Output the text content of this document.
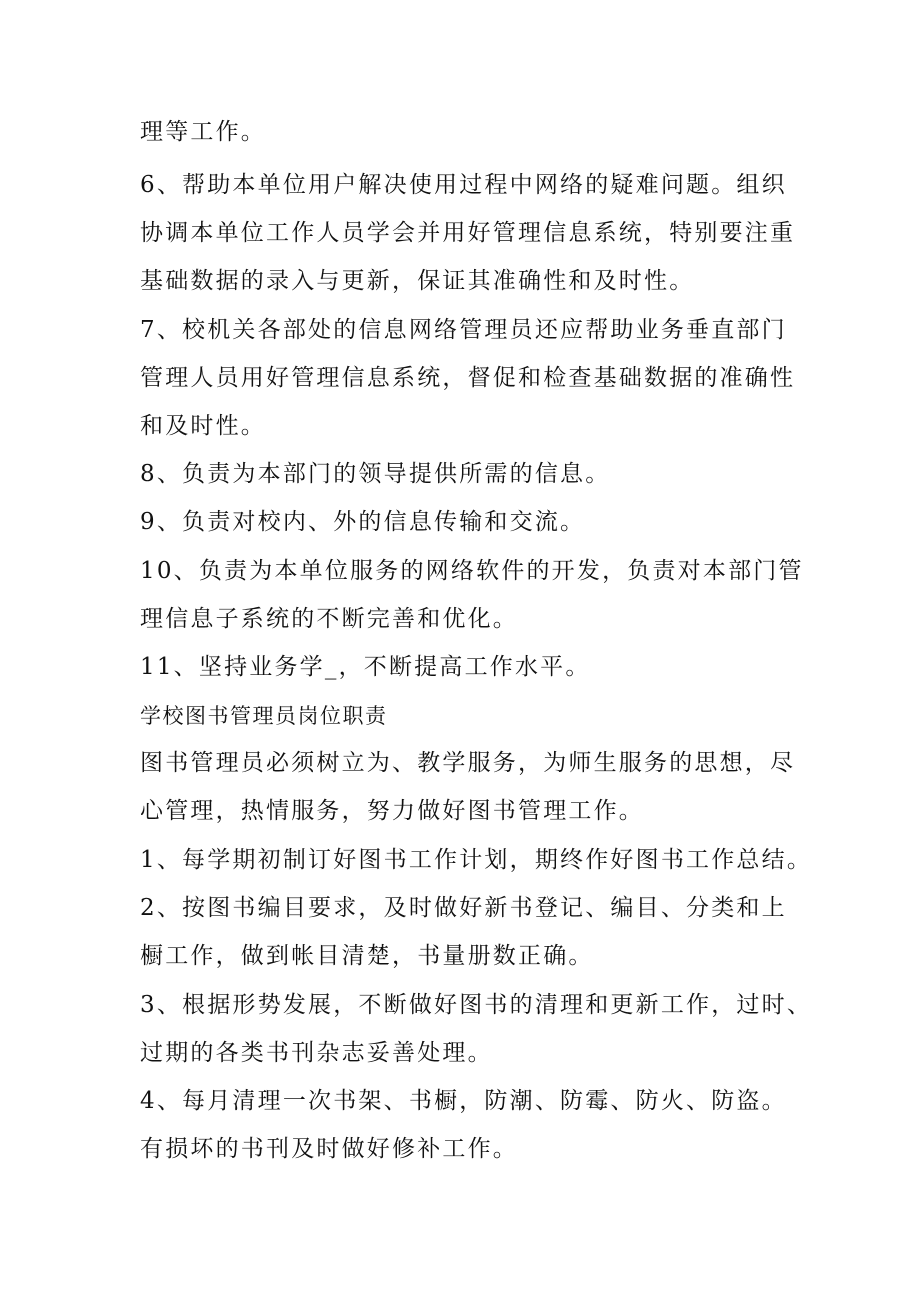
理等工作。
6、帮助本单位用户解决使用过程中网络的疑难问题。组织
协调本单位工作人员学会并用好管理信息系统，特别要注重
基础数据的录入与更新，保证其准确性和及时性。
7、校机关各部处的信息网络管理员还应帮助业务垂直部门
管理人员用好管理信息系统，督促和检查基础数据的准确性
和及时性。
8、负责为本部门的领导提供所需的信息。
9、负责对校内、外的信息传输和交流。
10、负责为本单位服务的网络软件的开发，负责对本部门管
理信息子系统的不断完善和优化。
11、坚持业务学_，不断提高工作水平。
学校图书管理员岗位职责
图书管理员必须树立为、教学服务，为师生服务的思想，尽
心管理，热情服务，努力做好图书管理工作。
1、每学期初制订好图书工作计划，期终作好图书工作总结。
2、按图书编目要求，及时做好新书登记、编目、分类和上
橱工作，做到帐目清楚，书量册数正确。
3、根据形势发展，不断做好图书的清理和更新工作，过时、
过期的各类书刊杂志妥善处理。
4、每月清理一次书架、书橱，防潮、防霉、防火、防盗。
有损坏的书刊及时做好修补工作。
